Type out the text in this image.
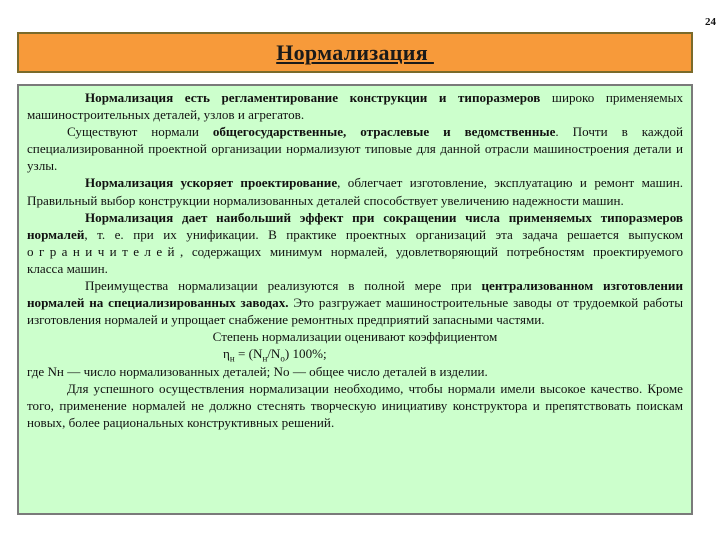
24
Нормализация

Нормализация есть регламентирование конструкции и типоразмеров широко применяемых машиностроительных деталей, узлов и агрегатов.

Существуют нормали общегосударственные, отраслевые и ведомственные. Почти в каждой специализированной проектной организации нормализуют типовые для данной отрасли машиностроения детали и узлы.

Нормализация ускоряет проектирование, облегчает изготовление, эксплуатацию и ремонт машин. Правильный выбор конструкции нормализованных деталей способствует увеличению надежности машин.

Нормализация дает наибольший эффект при сокращении числа применяемых типоразмеров нормалей, т. е. при их унификации. В практике проектных организаций эта задача решается выпуском ограничителей, содержащих минимум нормалей, удовлетворяющий потребностям проектируемого класса машин.

Преимущества нормализации реализуются в полной мере при централизованном изготовлении нормалей на специализированных заводах. Это разгружает машиностроительные заводы от трудоемкой работы изготовления нормалей и упрощает снабжение ремонтных предприятий запасными частями.

Степень нормализации оценивают коэффициентом

$\eta_н = (N_н/N_о)$ 100%;

где Nн — число нормализованных деталей; Nо — общее число деталей в изделии.

Для успешного осуществления нормализации необходимо, чтобы нормали имели высокое качество. Кроме того, применение нормалей не должно стеснять творческую инициативу конструктора и препятствовать поискам новых, более рациональных конструктивных решений.
